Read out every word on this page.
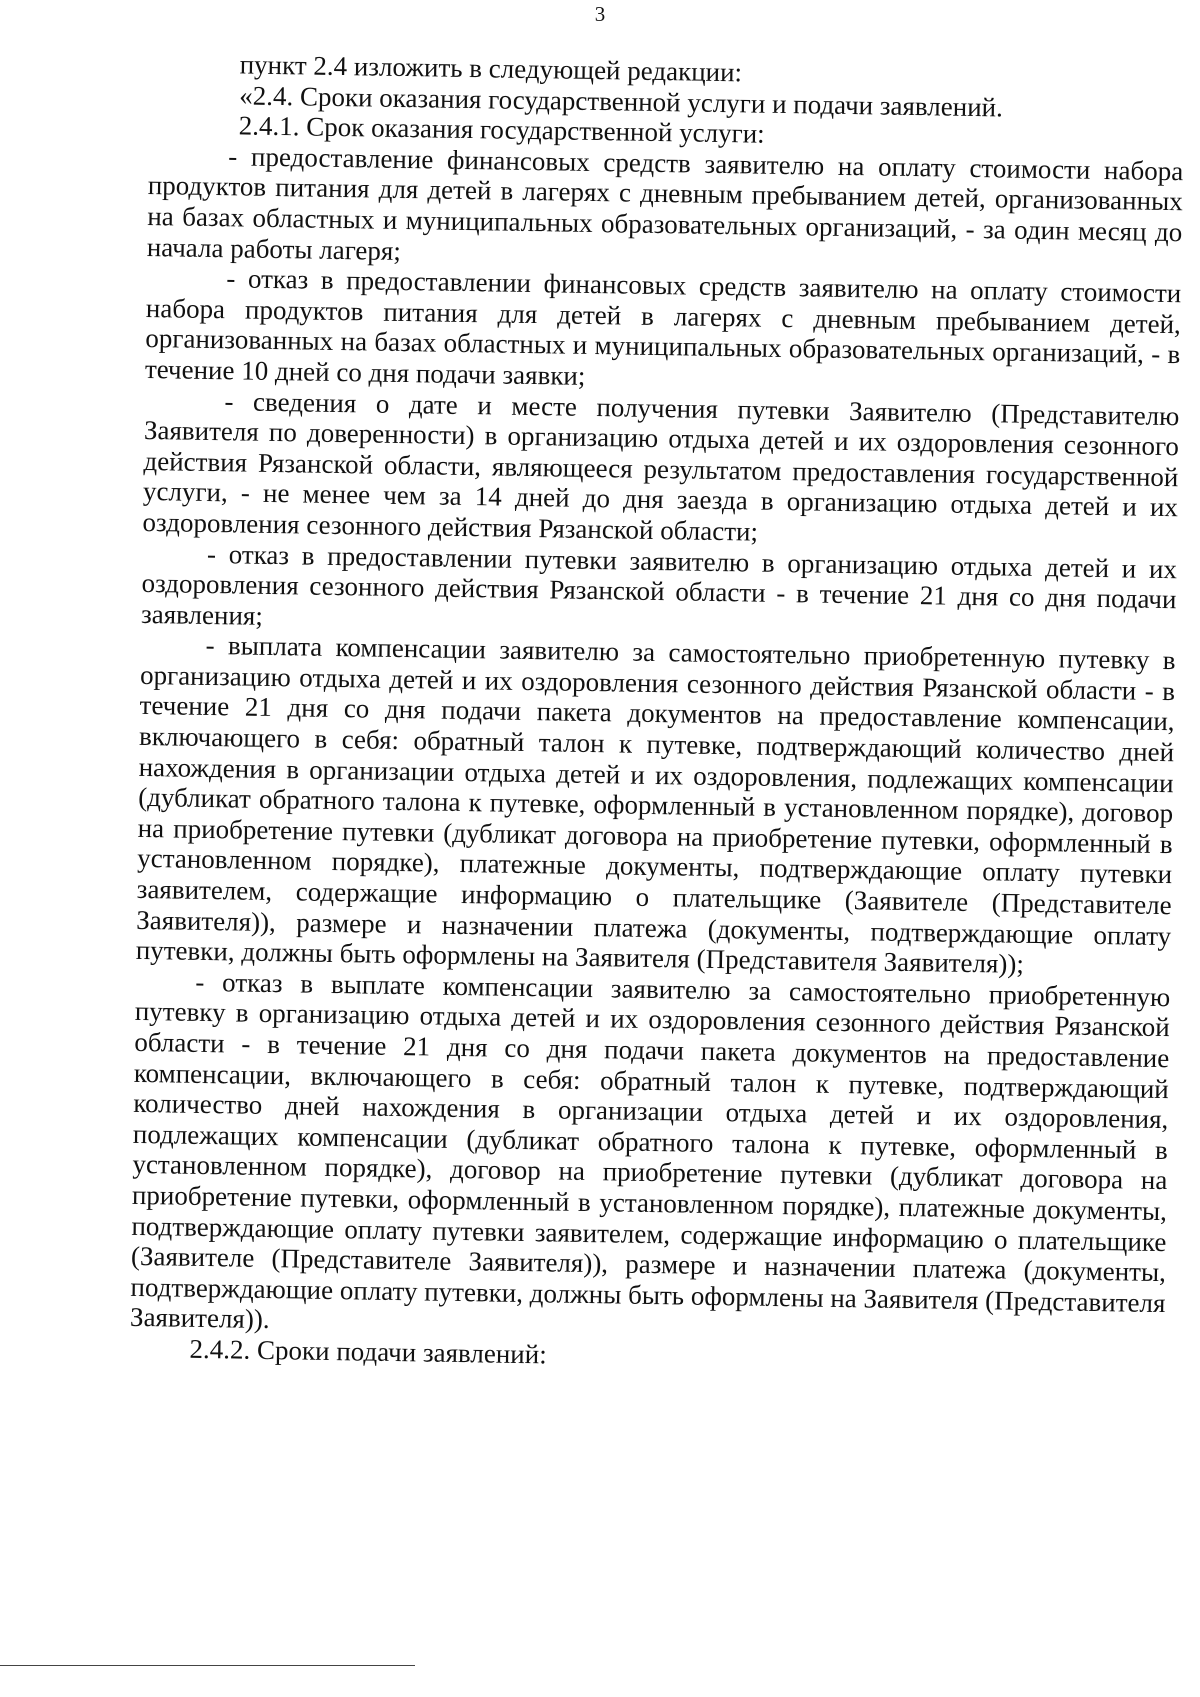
3

пункт 2.4 изложить в следующей редакции:

«2.4. Сроки оказания государственной услуги и подачи заявлений.

2.4.1. Срок оказания государственной услуги:

- предоставление финансовых средств заявителю на оплату стоимости набора продуктов питания для детей в лагерях с дневным пребыванием детей, организованных на базах областных и муниципальных образовательных организаций, - за один месяц до начала работы лагеря;

- отказ в предоставлении финансовых средств заявителю на оплату стоимости набора продуктов питания для детей в лагерях с дневным пребыванием детей, организованных на базах областных и муниципальных образовательных организаций, - в течение 10 дней со дня подачи заявки;

- сведения о дате и месте получения путевки Заявителю (Представителю Заявителя по доверенности) в организацию отдыха детей и их оздоровления сезонного действия Рязанской области, являющееся результатом предоставления государственной услуги, - не менее чем за 14 дней до дня заезда в организацию отдыха детей и их оздоровления сезонного действия Рязанской области;

- отказ в предоставлении путевки заявителю в организацию отдыха детей и их оздоровления сезонного действия Рязанской области - в течение 21 дня со дня подачи заявления;

- выплата компенсации заявителю за самостоятельно приобретенную путевку в организацию отдыха детей и их оздоровления сезонного действия Рязанской области - в течение 21 дня со дня подачи пакета документов на предоставление компенсации, включающего в себя: обратный талон к путевке, подтверждающий количество дней нахождения в организации отдыха детей и их оздоровления, подлежащих компенсации (дубликат обратного талона к путевке, оформленный в установленном порядке), договор на приобретение путевки (дубликат договора на приобретение путевки, оформленный в установленном порядке), платежные документы, подтверждающие оплату путевки заявителем, содержащие информацию о плательщике (Заявителе (Представителе Заявителя)), размере и назначении платежа (документы, подтверждающие оплату путевки, должны быть оформлены на Заявителя (Представителя Заявителя));

- отказ в выплате компенсации заявителю за самостоятельно приобретенную путевку в организацию отдыха детей и их оздоровления сезонного действия Рязанской области - в течение 21 дня со дня подачи пакета документов на предоставление компенсации, включающего в себя: обратный талон к путевке, подтверждающий количество дней нахождения в организации отдыха детей и их оздоровления, подлежащих компенсации (дубликат обратного талона к путевке, оформленный в установленном порядке), договор на приобретение путевки (дубликат договора на приобретение путевки, оформленный в установленном порядке), платежные документы, подтверждающие оплату путевки заявителем, содержащие информацию о плательщике (Заявителе (Представителе Заявителя)), размере и назначении платежа (документы, подтверждающие оплату путевки, должны быть оформлены на Заявителя (Представителя Заявителя)).

2.4.2. Сроки подачи заявлений:
